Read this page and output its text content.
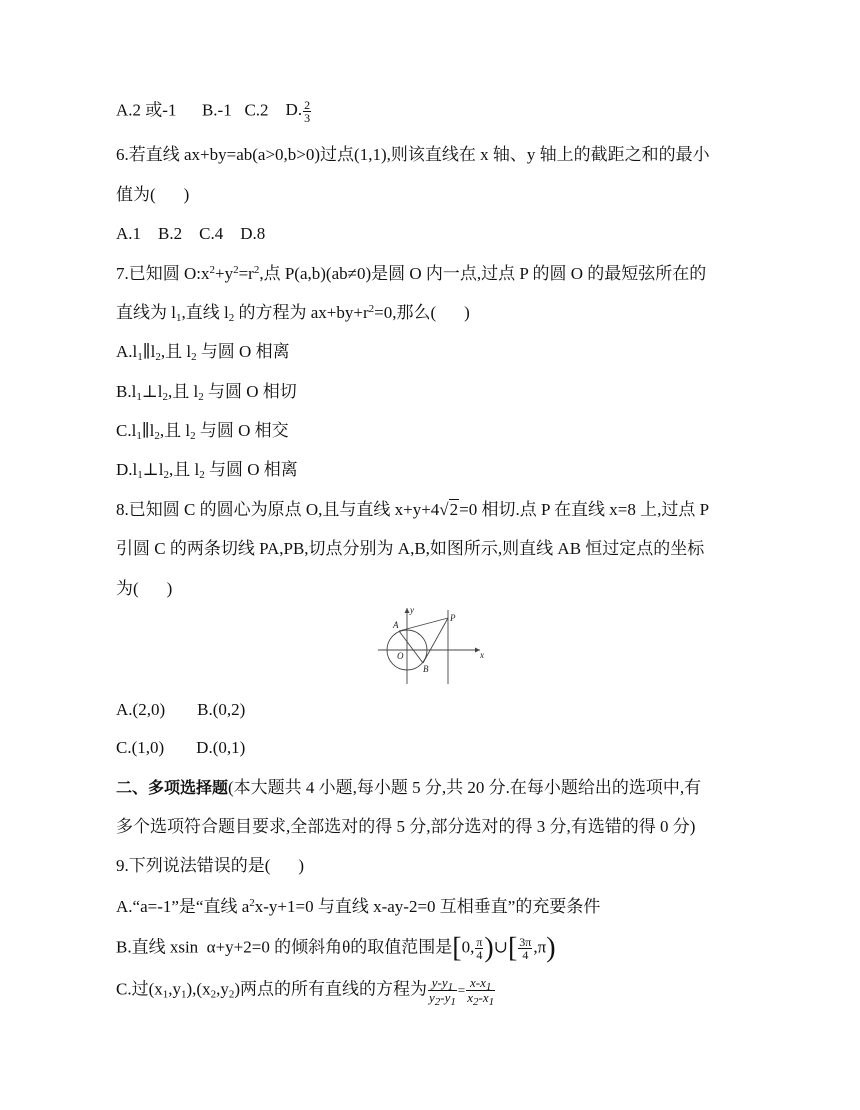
A.2 或-1 B.-1 C.2 D. $\frac{2}{3}$
6.若直线 ax+by=ab(a>0,b>0)过点(1,1),则该直线在 x 轴、y 轴上的截距之和的最小
值为( )
A.1    B.2    C.4    D.8
7.已知圆 $O:x^2+y^2=r^2$,点 P(a,b)(ab≠0)是圆 O 内一点,过点 P 的圆 O 的最短弦所在的
直线为 $l_1$,直线 $l_2$ 的方程为 $ax+by+r^2=0$,那么( )
$A.l_1\parallel l_2$,且 $l_2$ 与圆 O 相离
$B.l_1\perp l_2$,且 $l_2$ 与圆 O 相切
$C.l_1\parallel l_2$,且 $l_2$ 与圆 O 相交
$D.l_1\perp l_2$,且 $l_2$ 与圆 O 相离
8.已知圆 C 的圆心为原点 O,且与直线 x+y+4√2=0 相切.点 P 在直线 x=8 上,过点 P
引圆 C 的两条切线 PA,PB,切点分别为 A,B,如图所示,则直线 AB 恒过定点的坐标
为( )
y
x
A
B
O
P
A.(2,0) B.(0,2)
C.(1,0) D.(0,1)
二、多项选择题(本大题共 4 小题,每小题 5 分,共 20 分.在每小题给出的选项中,有
多个选项符合题目要求,全部选对的得 5 分,部分选对的得 3 分,有选错的得 0 分)
9.下列说法错误的是( )
A.“a=-1”是“直线 $a^2x-y+1=0$ 与直线 x-ay-2=0 互相垂直”的充要条件
B.直线 xsin  α+y+2=0 的倾斜角θ的取值范围是[0, $\frac{\pi}{4}$ )∪[ $\frac{3\pi}{4} ,\pi$)
C.过$(x_1,y_1),(x_2,y_2)$两点的所有直线的方程为 $\frac{y-y_1}{y_2-y_1} = \frac{x-x_1}{x_2-x_1}$
